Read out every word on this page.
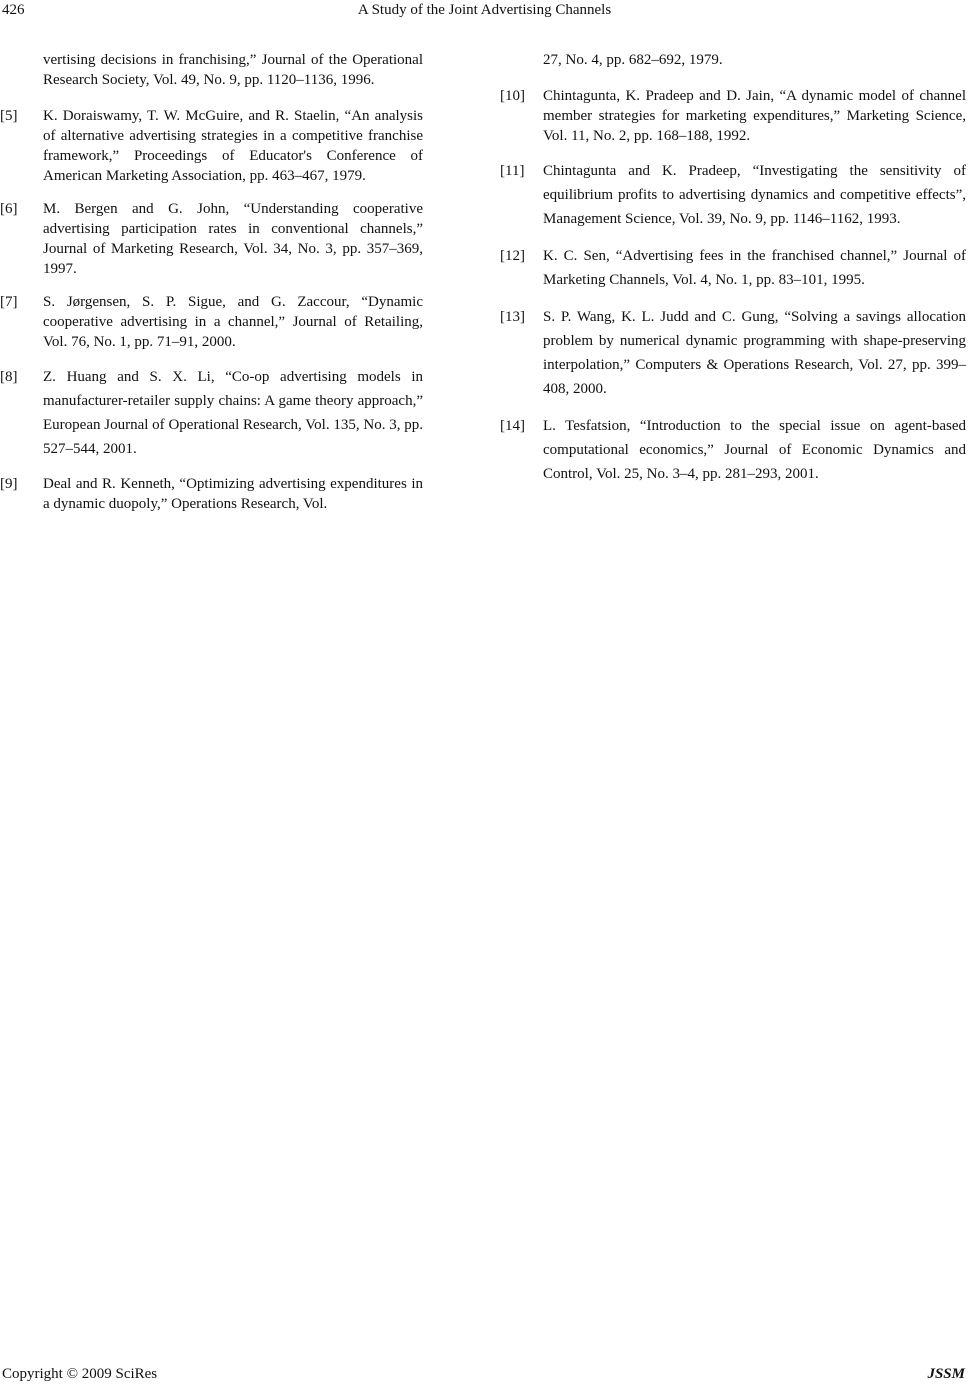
426	A Study of the Joint Advertising Channels
vertising decisions in franchising,” Journal of the Operational Research Society, Vol. 49, No. 9, pp. 1120–1136, 1996.
[5] K. Doraiswamy, T. W. McGuire, and R. Staelin, “An analysis of alternative advertising strategies in a competitive franchise framework,” Proceedings of Educator's Conference of American Marketing Association, pp. 463–467, 1979.
[6] M. Bergen and G. John, “Understanding cooperative advertising participation rates in conventional channels,” Journal of Marketing Research, Vol. 34, No. 3, pp. 357–369, 1997.
[7] S. Jørgensen, S. P. Sigue, and G. Zaccour, “Dynamic cooperative advertising in a channel,” Journal of Retailing, Vol. 76, No. 1, pp. 71–91, 2000.
[8] Z. Huang and S. X. Li, “Co-op advertising models in manufacturer-retailer supply chains: A game theory approach,” European Journal of Operational Research, Vol. 135, No. 3, pp. 527–544, 2001.
[9] Deal and R. Kenneth, “Optimizing advertising expenditures in a dynamic duopoly,” Operations Research, Vol.
27, No. 4, pp. 682–692, 1979.
[10] Chintagunta, K. Pradeep and D. Jain, “A dynamic model of channel member strategies for marketing expenditures,” Marketing Science, Vol. 11, No. 2, pp. 168–188, 1992.
[11] Chintagunta and K. Pradeep, “Investigating the sensitivity of equilibrium profits to advertising dynamics and competitive effects”, Management Science, Vol. 39, No. 9, pp. 1146–1162, 1993.
[12] K. C. Sen, “Advertising fees in the franchised channel,” Journal of Marketing Channels, Vol. 4, No. 1, pp. 83–101, 1995.
[13] S. P. Wang, K. L. Judd and C. Gung, “Solving a savings allocation problem by numerical dynamic programming with shape-preserving interpolation,” Computers & Operations Research, Vol. 27, pp. 399–408, 2000.
[14] L. Tesfatsion, “Introduction to the special issue on agent-based computational economics,” Journal of Economic Dynamics and Control, Vol. 25, No. 3–4, pp. 281–293, 2001.
Copyright © 2009 SciRes	JSSM
